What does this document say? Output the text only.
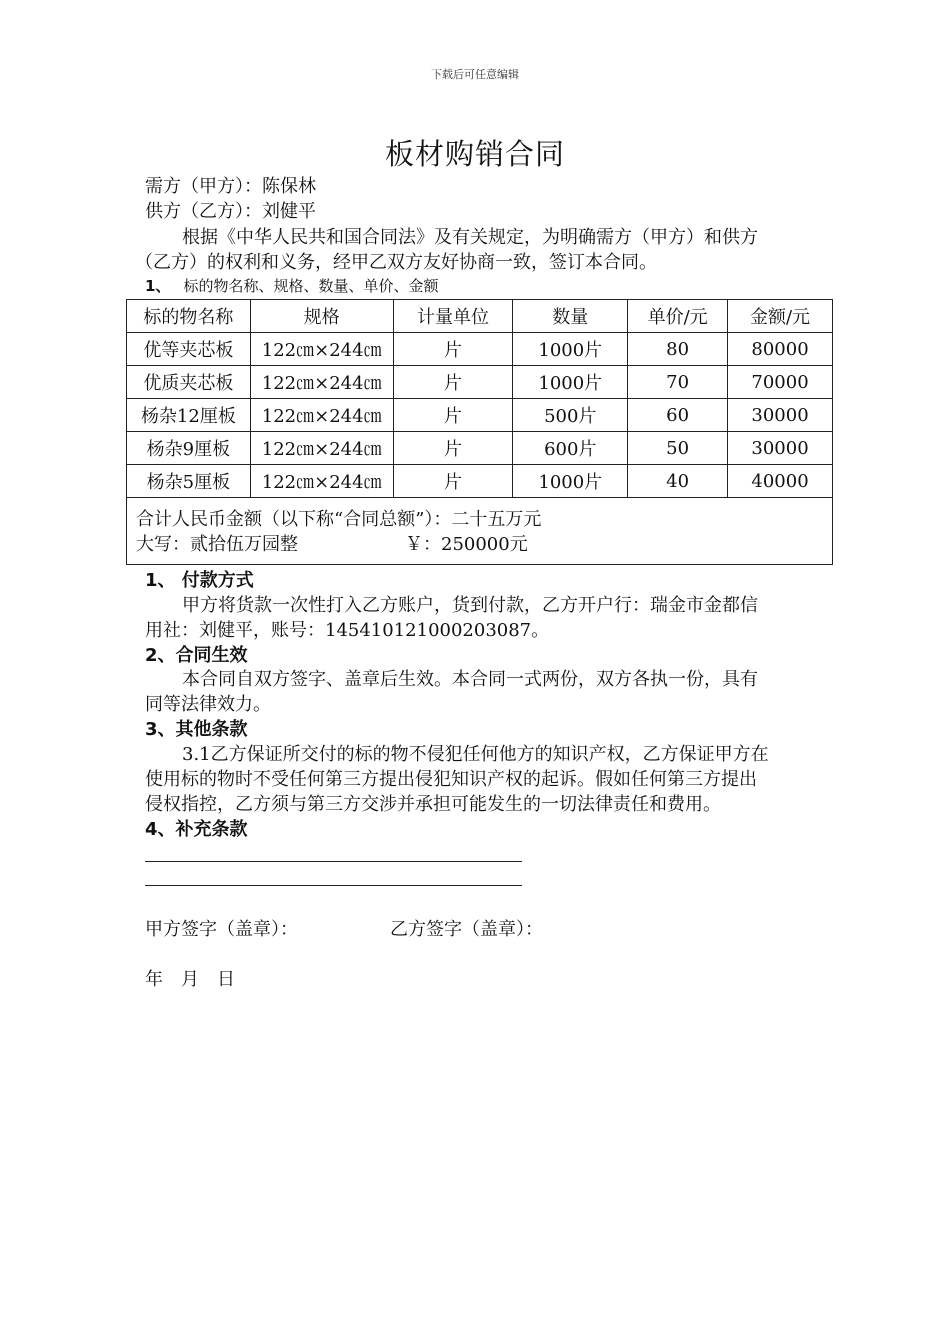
下载后可任意编辑
板材购销合同
需方（甲方）：陈保林
供方（乙方）：刘健平
根据《中华人民共和国合同法》及有关规定，为明确需方（甲方）和供方
（乙方）的权利和义务，经甲乙双方友好协商一致，签订本合同。
1、 标的物名称、规格、数量、单价、金额
标的物名称	规格	计量单位	数量	单价/元	金额/元
优等夹芯板	122㎝×244㎝	片	1000片	80	80000
优质夹芯板	122㎝×244㎝	片	1000片	70	70000
杨杂12厘板	122㎝×244㎝	片	500片	60	30000
杨杂9厘板	122㎝×244㎝	片	600片	50	30000
杨杂5厘板	122㎝×244㎝	片	1000片	40	40000
合计人民币金额（以下称“合同总额”）：二十五万元
大写：贰拾伍万园整	￥：250000元
1、 付款方式
甲方将货款一次性打入乙方账户，货到付款，乙方开户行：瑞金市金都信
用社：刘健平，账号：145410121000203087。
2、合同生效
本合同自双方签字、盖章后生效。本合同一式两份，双方各执一份，具有
同等法律效力。
3、其他条款
3.1乙方保证所交付的标的物不侵犯任何他方的知识产权，乙方保证甲方在
使用标的物时不受任何第三方提出侵犯知识产权的起诉。假如任何第三方提出
侵权指控，乙方须与第三方交涉并承担可能发生的一切法律责任和费用。
4、补充条款
甲方签字（盖章）：	乙方签字（盖章）：
年　月　日
